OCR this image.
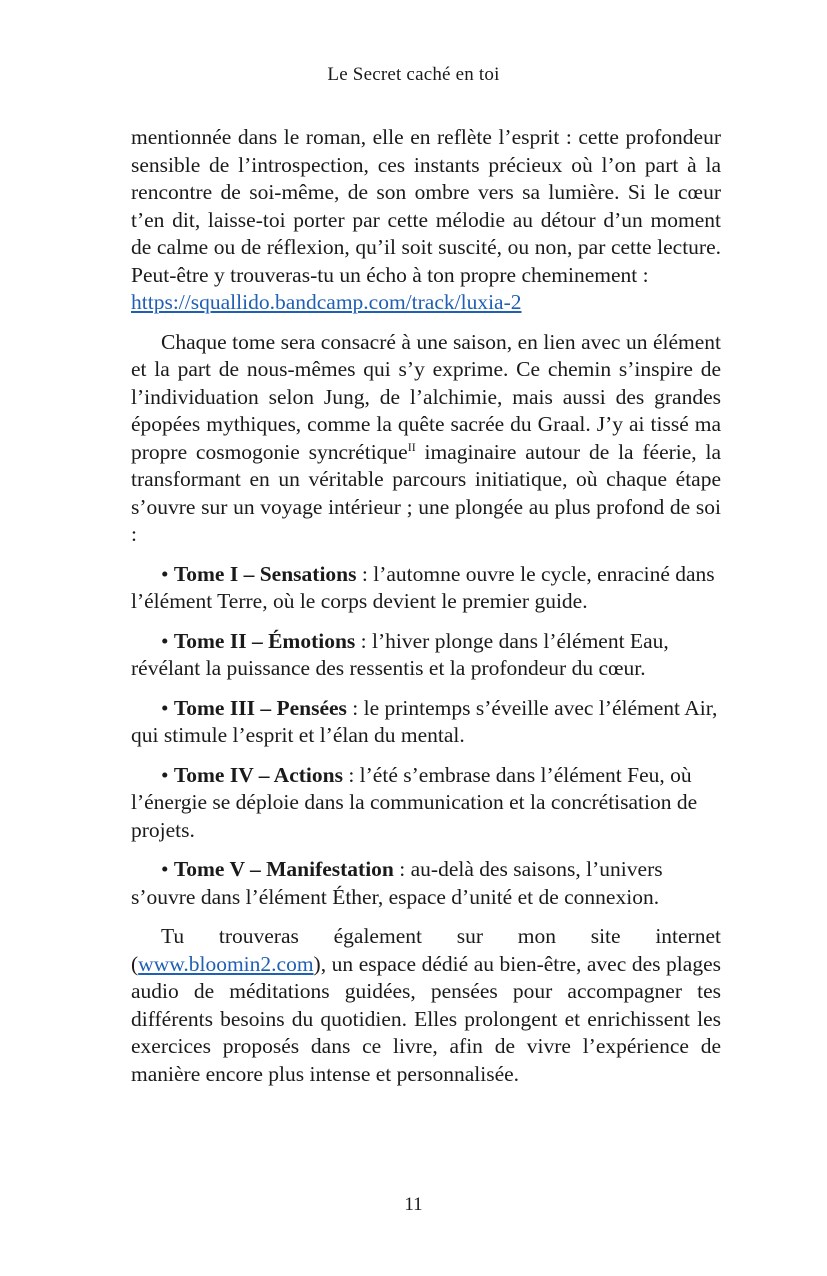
Le Secret caché en toi

mentionnée dans le roman, elle en reflète l’esprit : cette profondeur sensible de l’introspection, ces instants précieux où l’on part à la rencontre de soi-même, de son ombre vers sa lumière. Si le cœur t’en dit, laisse-toi porter par cette mélodie au détour d’un moment de calme ou de réflexion, qu’il soit suscité, ou non, par cette lecture. Peut-être y trouveras-tu un écho à ton propre cheminement :
https://squallido.bandcamp.com/track/luxia-2

Chaque tome sera consacré à une saison, en lien avec un élément et la part de nous-mêmes qui s’y exprime. Ce chemin s’inspire de l’individuation selon Jung, de l’alchimie, mais aussi des grandes épopées mythiques, comme la quête sacrée du Graal. J’y ai tissé ma propre cosmogonie syncrétique$^{II}$ imaginaire autour de la féerie, la transformant en un véritable parcours initiatique, où chaque étape s’ouvre sur un voyage intérieur ; une plongée au plus profond de soi :

• Tome I – Sensations : l’automne ouvre le cycle, enraciné dans l’élément Terre, où le corps devient le premier guide.

• Tome II – Émotions : l’hiver plonge dans l’élément Eau, révélant la puissance des ressentis et la profondeur du cœur.

• Tome III – Pensées : le printemps s’éveille avec l’élément Air, qui stimule l’esprit et l’élan du mental.

• Tome IV – Actions : l’été s’embrase dans l’élément Feu, où l’énergie se déploie dans la communication et la concrétisation de projets.

• Tome V – Manifestation : au-delà des saisons, l’univers s’ouvre dans l’élément Éther, espace d’unité et de connexion.

Tu trouveras également sur mon site internet (www.bloomin2.com), un espace dédié au bien-être, avec des plages audio de méditations guidées, pensées pour accompagner tes différents besoins du quotidien. Elles prolongent et enrichissent les exercices proposés dans ce livre, afin de vivre l’expérience de manière encore plus intense et personnalisée.

11
